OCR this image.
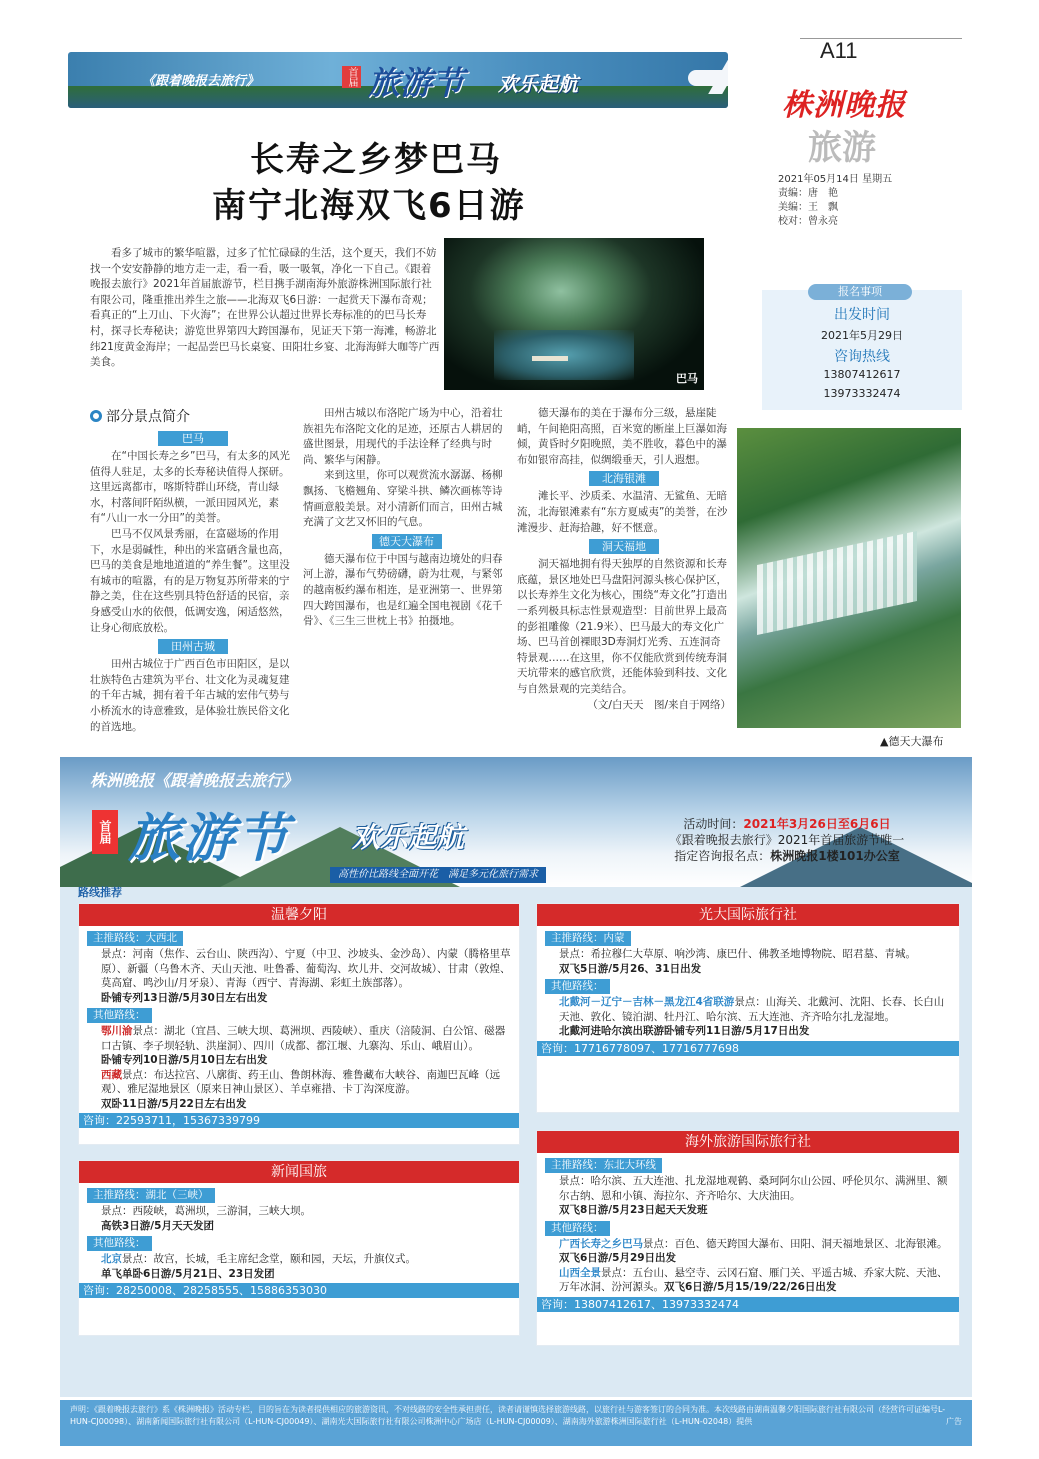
《跟着晚报去旅行》	首届 旅游节 欢乐起航
A11
株洲晚报
旅游
2021年05月14日 星期五
责编：唐　艳
美编：王　飘
校对：曾永亮
长寿之乡梦巴马
南宁北海双飞6日游
看多了城市的繁华喧嚣，过多了忙忙碌碌的生活，这个夏天，我们不妨找一个安安静静的地方走一走，看一看，吸一吸氧，净化一下自己。《跟着晚报去旅行》2021年首届旅游节，栏目携手湖南海外旅游株洲国际旅行社有限公司，隆重推出养生之旅——北海双飞6日游：一起赏天下瀑布奇观；看真正的“上刀山、下火海”；在世界公认超过世界长寿标准的的巴马长寿村，探寻长寿秘诀；游览世界第四大跨国瀑布，见证天下第一海滩，畅游北纬21度黄金海岸；一起品尝巴马长桌宴、田阳壮乡宴、北海海鲜大咖等广西美食。
巴马
报名事项
出发时间
2021年5月29日
咨询热线
13807412617
13973332474
▲德天大瀑布
部分景点简介
巴马

在“中国长寿之乡”巴马，有太多的风光值得人驻足，太多的长寿秘诀值得人探研。这里远离都市，喀斯特群山环绕，青山绿水，村落间阡陌纵横，一派田园风光，素有“八山一水一分田”的美誉。

巴马不仅风景秀丽，在富磁场的作用下，水是弱碱性，种出的米富硒含量也高，巴马的美食是地地道道的“养生餐”。这里没有城市的喧嚣，有的是万物复苏所带来的宁静之美，住在这些别具特色舒适的民宿，亲身感受山水的依偎，低调安逸，闲适悠然，让身心彻底放松。

田州古城

田州古城位于广西百色市田阳区，是以壮族特色古建筑为平台、壮文化为灵魂复建的千年古城，拥有着千年古城的宏伟气势与小桥流水的诗意雅致，是体验壮族民俗文化的首选地。

田州古城以布洛陀广场为中心，沿着壮族祖先布洛陀文化的足迹，还原古人耕居的盛世图景，用现代的手法诠释了经典与时尚、繁华与闲静。

来到这里，你可以观赏流水潺潺、杨柳飘扬、飞檐翘角、穿梁斗拱、鳞次画栋等诗情画意般美景。对小清新们而言，田州古城充满了文艺又怀旧的气息。

德天大瀑布

德天瀑布位于中国与越南边境处的归春河上游，瀑布气势磅礴，蔚为壮观，与紧邻的越南板约瀑布相连，是亚洲第一、世界第四大跨国瀑布，也是红遍全国电视剧《花千骨》、《三生三世枕上书》拍摄地。

德天瀑布的美在于瀑布分三级，悬崖陡峭，午间艳阳高照，百米宽的断崖上巨瀑如海倾，黄昏时夕阳晚照，美不胜收，暮色中的瀑布如银帘高挂，似绸缎垂天，引人遐想。

北海银滩

滩长平、沙质柔、水温清、无鲨鱼、无暗流，北海银滩素有“东方夏威夷”的美誉，在沙滩漫步、赶海拾趣，好不惬意。

洞天福地

洞天福地拥有得天独厚的自然资源和长寿底蕴，景区地处巴马盘阳河源头核心保护区，以长寿养生文化为核心，围绕“寿文化”打造出一系列极具标志性景观造型：目前世界上最高的彭祖雕像（21.9米）、巴马最大的寿文化广场、巴马首创裸眼3D寿洞灯光秀、五连洞奇特景观……在这里，你不仅能欣赏到传统寿洞天坑带来的感官欣赏，还能体验到科技、文化与自然景观的完美结合。

（文/白天天　图/来自于网络）

株洲晚报《跟着晚报去旅行》
首届 旅游节 欢乐起航
高性价比路线全面开花　满足多元化旅行需求
活动时间：2021年3月26日至6月6日
《跟着晚报去旅行》2021年首届旅游节唯一
指定咨询报名点：株洲晚报1楼101办公室
路线推荐
温馨夕阳
主推路线：大西北
景点：河南（焦作、云台山、陕西沟）、宁夏（中卫、沙坡头、金沙岛）、内蒙（腾格里草原）、新疆（乌鲁木齐、天山天池、吐鲁番、葡萄沟、坎儿井、交河故城）、甘肃（敦煌、莫高窟、鸣沙山/月牙泉）、青海（西宁、青海湖、彩虹土族部落）。
卧铺专列13日游/5月30日左右出发
其他路线：
鄂川渝景点：湖北（宜昌、三峡大坝、葛洲坝、西陵峡）、重庆（涪陵洞、白公馆、磁器口古镇、李子坝轻轨、洪崖洞）、四川（成都、都江堰、九寨沟、乐山、峨眉山）。
卧铺专列10日游/5月10日左右出发
西藏景点：布达拉宫、八廓街、药王山、鲁朗林海、雅鲁藏布大峡谷、南迦巴瓦峰（远观）、雅尼湿地景区（原来日神山景区）、羊卓雍措、卡丁沟深度游。
双卧11日游/5月22日左右出发
咨询：22593711，15367339799
新闻国旅
主推路线：湖北（三峡）
景点：西陵峡，葛洲坝，三游洞，三峡大坝。
高铁3日游/5月天天发团
其他路线：
北京景点：故宫，长城，毛主席纪念堂，颐和园，天坛，升旗仪式。
单飞单卧6日游/5月21日、23日发团
咨询：28250008、28258555、15886353030
光大国际旅行社
主推路线：内蒙
景点：希拉穆仁大草原、响沙湾、康巴什、佛教圣地博物院、昭君墓、青城。
双飞5日游/5月26、31日出发
其他路线：
北戴河－辽宁－吉林－黑龙江4省联游景点：山海关、北戴河、沈阳、长春、长白山天池、敦化、镜泊湖、牡丹江、哈尔滨、五大连池、齐齐哈尔扎龙湿地。
北戴河进哈尔滨出联游卧铺专列11日游/5月17日出发
咨询：17716778097、17716777698
海外旅游国际旅行社
主推路线：东北大环线
景点：哈尔滨、五大连池、扎龙湿地观鹤、桑珂阿尔山公园、呼伦贝尔、满洲里、额尔古纳、恩和小镇、海拉尔、齐齐哈尔、大庆油田。
双飞8日游/5月23日起天天发班
其他路线：
广西长寿之乡巴马景点：百色、德天跨国大瀑布、田阳、洞天福地景区、北海银滩。双飞6日游/5月29日出发
山西全景景点：五台山、悬空寺、云冈石窟、雁门关、平遥古城、乔家大院、天池、万年冰洞、汾河源头。双飞6日游/5月15/19/22/26日出发
咨询：13807412617、13973332474
声明：《跟着晚报去旅行》系《株洲晚报》活动专栏，目的旨在为读者提供相应的旅游资讯，不对线路的安全性承担责任，读者请谨慎选择旅游线路，以旅行社与游客签订的合同为准。本次线路由湖南温馨夕阳国际旅行社有限公司（经营许可证编号L-HUN-CJ00098）、湖南新闻国际旅行社有限公司（L-HUN-CJ00049）、湖南光大国际旅行社有限公司株洲中心广场店（L-HUN-CJ00009）、湖南海外旅游株洲国际旅行社（L-HUN-02048）提供	广告
